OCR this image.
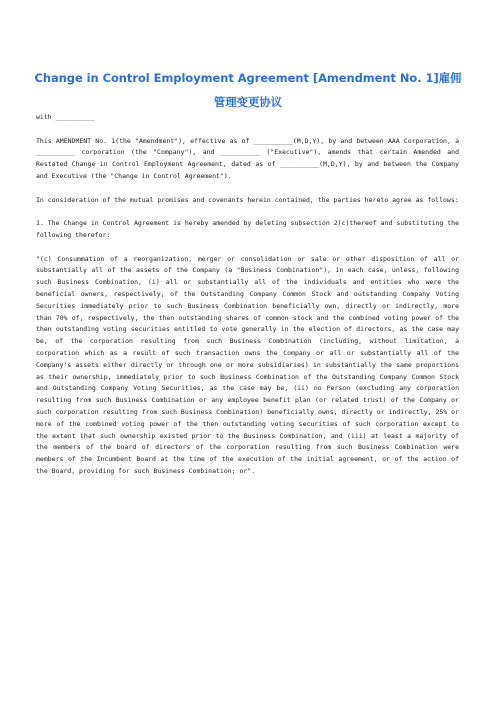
Change in Control Employment Agreement [Amendment No. 1]雇佣管理变更协议

with __________

This AMENDMENT No. 1(the "Amendment"), effective as of __________(M,D,Y), by and between AAA Corporation, a __________ corporation (the "Company"), and __________ ("Executive"), amends that certain Amended and Restated Change in Control Employment Agreement, dated as of __________(M,D,Y), by and between the Company and Executive (the "Change in Control Agreement").

In consideration of the mutual promises and covenants herein contained, the parties hereto agree as follows:

1. The Change in Control Agreement is hereby amended by deleting subsection 2(c)thereof and substituting the following therefor:

"(c) Consummation of a reorganization, merger or consolidation or sale or other disposition of all or substantially all of the assets of the Company (a "Business Combination"), in each case, unless, following such Business Combination, (i) all or substantially all of the individuals and entities who were the beneficial owners, respectively, of the Outstanding Company Common Stock and outstanding Company Voting Securities immediately prior to such Business Combination beneficially own, directly or indirectly, more than 70% of, respectively, the then outstanding shares of common stock and the combined voting power of the then outstanding voting securities entitled to vote generally in the election of directors, as the case may be, of the corporation resulting from such Business Combination (including, without limitation, a corporation which as a result of such transaction owns the Company or all or substantially all of the Company's assets either directly or through one or more subsidiaries) in substantially the same proportions as their ownership, immediately prior to such Business Combination of the Outstanding Company Common Stock and Outstanding Company Voting Securities, as the case may be, (ii) no Person (excluding any corporation resulting from such Business Combination or any employee benefit plan (or related trust) of the Company or such corporation resulting from such Business Combination) beneficially owns, directly or indirectly, 25% or more of the combined voting power of the then outstanding voting securities of such corporation except to the extent that such ownership existed prior to the Business Combination, and (iii) at least a majority of the members of the board of directors of the corporation resulting from such Business Combination were members of the Incumbent Board at the time of the execution of the initial agreement, or of the action of the Board, providing for such Business Combination; or".
